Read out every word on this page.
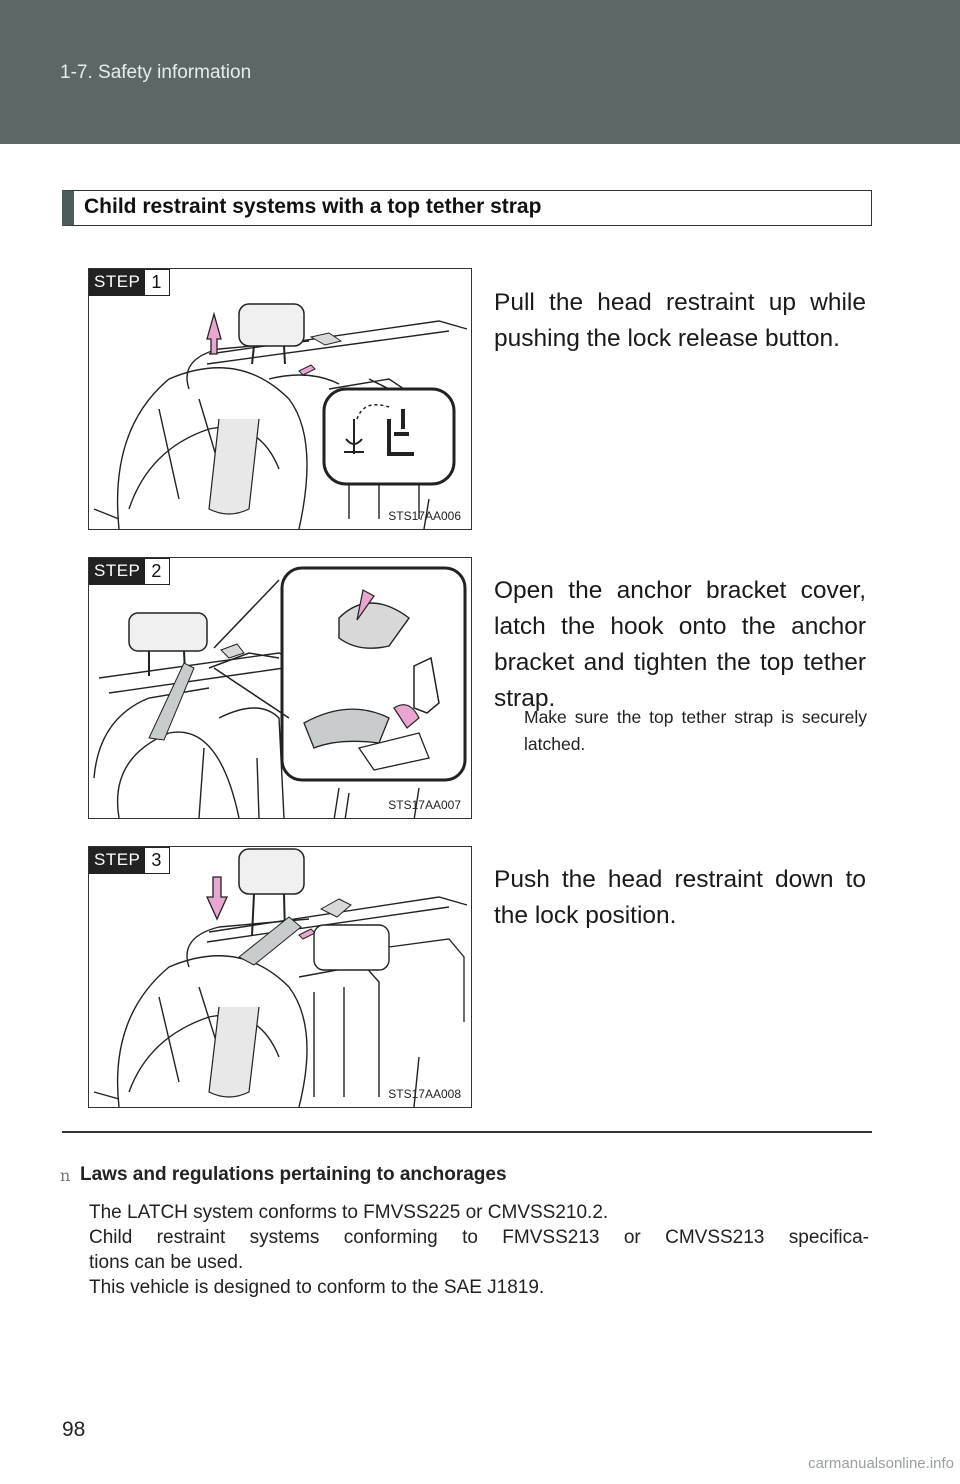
1-7. Safety information
Child restraint systems with a top tether strap
STEP 1
STS17AA006
Pull the head restraint up while pushing the lock release button.
STEP 2
STS17AA007
Open the anchor bracket cover, latch the hook onto the anchor bracket and tighten the top tether strap.
Make sure the top tether strap is securely latched.
STEP 3
STS17AA008
Push the head restraint down to the lock position.
n Laws and regulations pertaining to anchorages

The LATCH system conforms to FMVSS225 or CMVSS210.2.

Child restraint systems conforming to FMVSS213 or CMVSS213 specifica-

tions can be used.

This vehicle is designed to conform to the SAE J1819.

98
carmanualsonline.info
